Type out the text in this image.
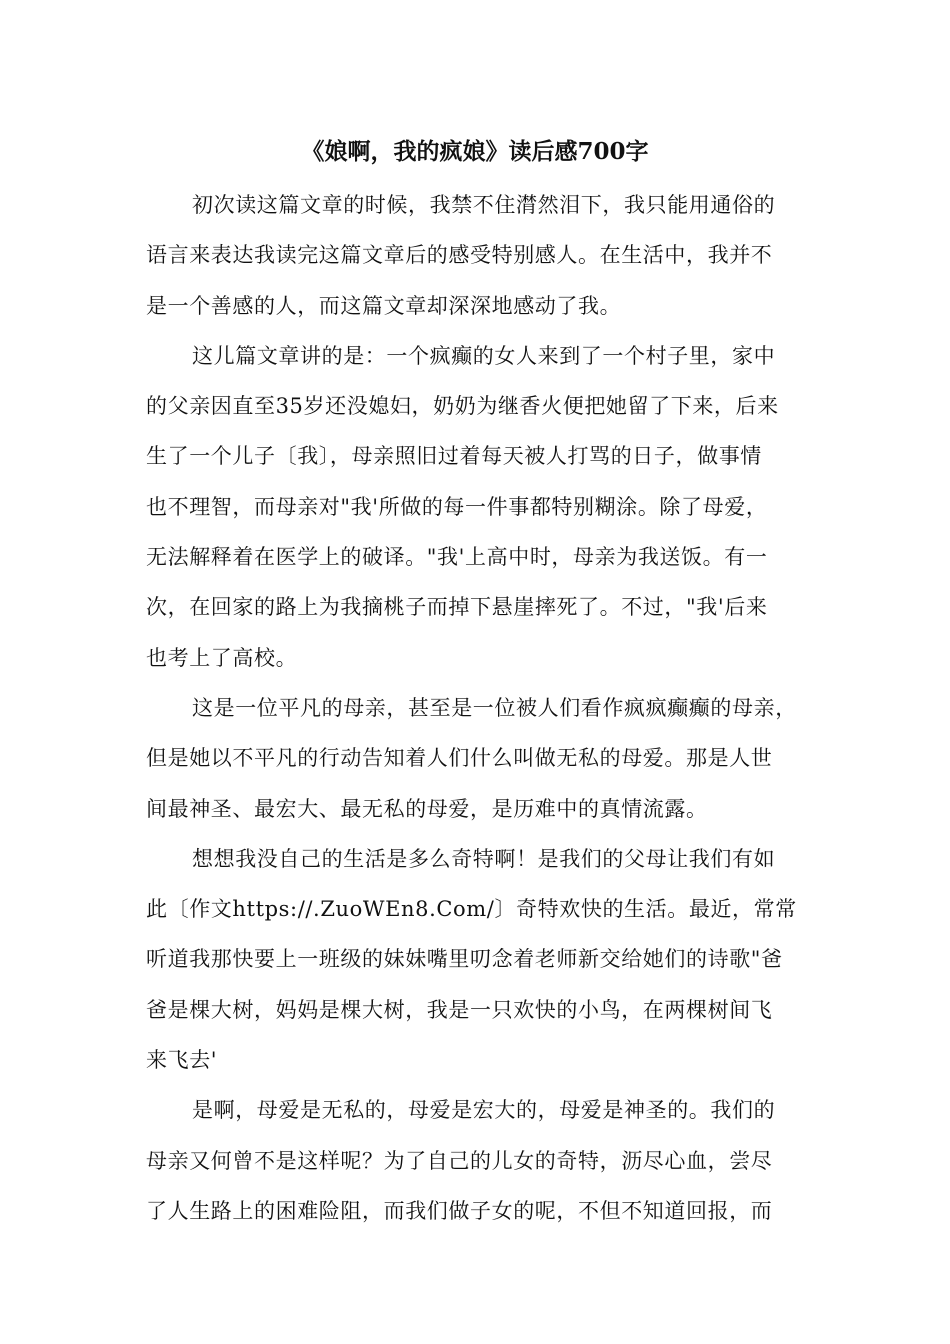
《娘啊，我的疯娘》读后感700字
初次读这篇文章的时候，我禁不住潸然泪下，我只能用通俗的
语言来表达我读完这篇文章后的感受特别感人。在生活中，我并不
是一个善感的人，而这篇文章却深深地感动了我。
这儿篇文章讲的是：一个疯癫的女人来到了一个村子里，家中
的父亲因直至35岁还没媳妇，奶奶为继香火便把她留了下来，后来
生了一个儿子〔我〕，母亲照旧过着每天被人打骂的日子，做事情
也不理智，而母亲对"我'所做的每一件事都特别糊涂。除了母爱，
无法解释着在医学上的破译。"我'上高中时，母亲为我送饭。有一
次，在回家的路上为我摘桃子而掉下悬崖摔死了。不过，"我'后来
也考上了高校。
这是一位平凡的母亲，甚至是一位被人们看作疯疯癫癫的母亲，
但是她以不平凡的行动告知着人们什么叫做无私的母爱。那是人世
间最神圣、最宏大、最无私的母爱，是历难中的真情流露。
想想我没自己的生活是多么奇特啊！是我们的父母让我们有如
此〔作文https://.ZuoWEn8.Com/〕奇特欢快的生活。最近，常常
听道我那快要上一班级的妹妹嘴里叨念着老师新交给她们的诗歌"爸
爸是棵大树，妈妈是棵大树，我是一只欢快的小鸟，在两棵树间飞
来飞去'
是啊，母爱是无私的，母爱是宏大的，母爱是神圣的。我们的
母亲又何曾不是这样呢？为了自己的儿女的奇特，沥尽心血，尝尽
了人生路上的困难险阻，而我们做子女的呢，不但不知道回报，而
